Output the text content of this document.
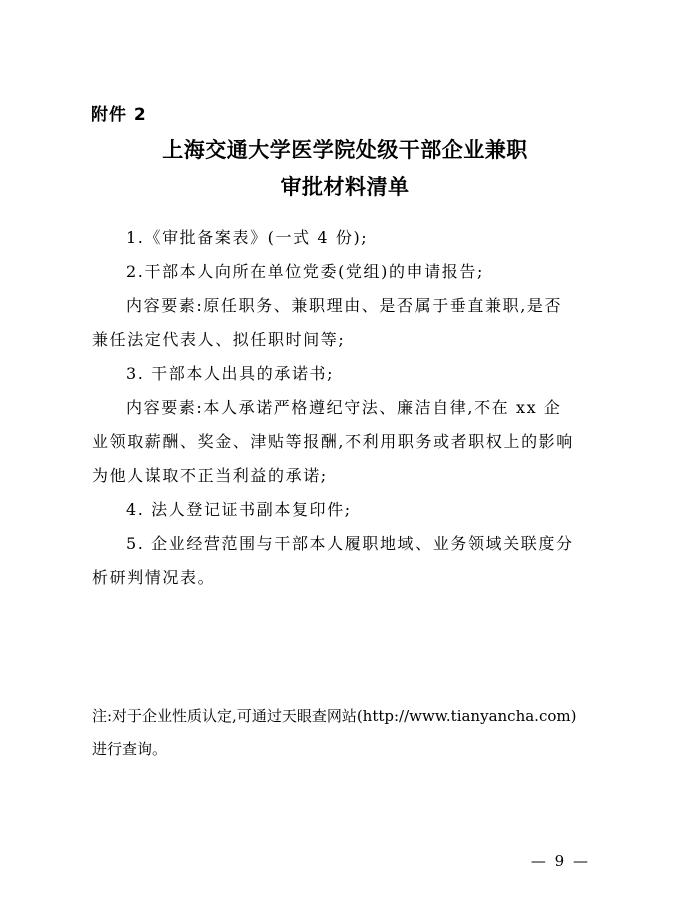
附件 2
上海交通大学医学院处级干部企业兼职
审批材料清单
1.《审批备案表》(一式 4 份);
2.干部本人向所在单位党委(党组)的申请报告;
内容要素:原任职务、兼职理由、是否属于垂直兼职,是否
兼任法定代表人、拟任职时间等;
3. 干部本人出具的承诺书;
内容要素:本人承诺严格遵纪守法、廉洁自律,不在 xx 企
业领取薪酬、奖金、津贴等报酬,不利用职务或者职权上的影响
为他人谋取不正当利益的承诺;
4. 法人登记证书副本复印件;
5. 企业经营范围与干部本人履职地域、业务领域关联度分
析研判情况表。
注:对于企业性质认定,可通过天眼查网站(http://www.tianyancha.com)
进行查询。
— 9 —
